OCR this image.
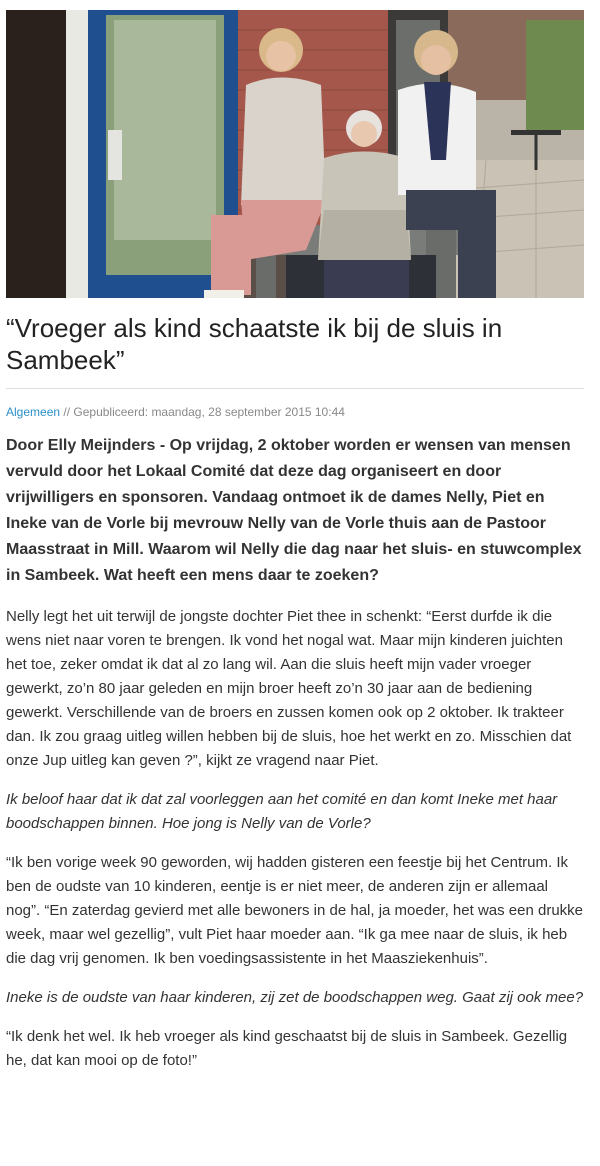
“Vroeger als kind schaatste ik bij de sluis in Sambeek”
Algemeen // Gepubliceerd: maandag, 28 september 2015 10:44

Door Elly Meijnders - Op vrijdag, 2 oktober worden er wensen van mensen vervuld door het Lokaal Comité dat deze dag organiseert en door vrijwilligers en sponsoren. Vandaag ontmoet ik de dames Nelly, Piet en Ineke van de Vorle bij mevrouw Nelly van de Vorle thuis aan de Pastoor Maasstraat in Mill. Waarom wil Nelly die dag naar het sluis- en stuwcomplex in Sambeek. Wat heeft een mens daar te zoeken?

Nelly legt het uit terwijl de jongste dochter Piet thee in schenkt: “Eerst durfde ik die wens niet naar voren te brengen. Ik vond het nogal wat. Maar mijn kinderen juichten het toe, zeker omdat ik dat al zo lang wil. Aan die sluis heeft mijn vader vroeger gewerkt, zo’n 80 jaar geleden en mijn broer heeft zo’n 30 jaar aan de bediening gewerkt. Verschillende van de broers en zussen komen ook op 2 oktober. Ik trakteer dan. Ik zou graag uitleg willen hebben bij de sluis, hoe het werkt en zo. Misschien dat onze Jup uitleg kan geven ?”, kijkt ze vragend naar Piet.

Ik beloof haar dat ik dat zal voorleggen aan het comité en dan komt Ineke met haar boodschappen binnen. Hoe jong is Nelly van de Vorle?

“Ik ben vorige week 90 geworden, wij hadden gisteren een feestje bij het Centrum. Ik ben de oudste van 10 kinderen, eentje is er niet meer, de anderen zijn er allemaal nog”. “En zaterdag gevierd met alle bewoners in de hal, ja moeder, het was een drukke week, maar wel gezellig”, vult Piet haar moeder aan. “Ik ga mee naar de sluis, ik heb die dag vrij genomen. Ik ben voedingsassistente in het Maasziekenhuis”.

Ineke is de oudste van haar kinderen, zij zet de boodschappen weg. Gaat zij ook mee?

“Ik denk het wel. Ik heb vroeger als kind geschaatst bij de sluis in Sambeek. Gezellig he, dat kan mooi op de foto!”
